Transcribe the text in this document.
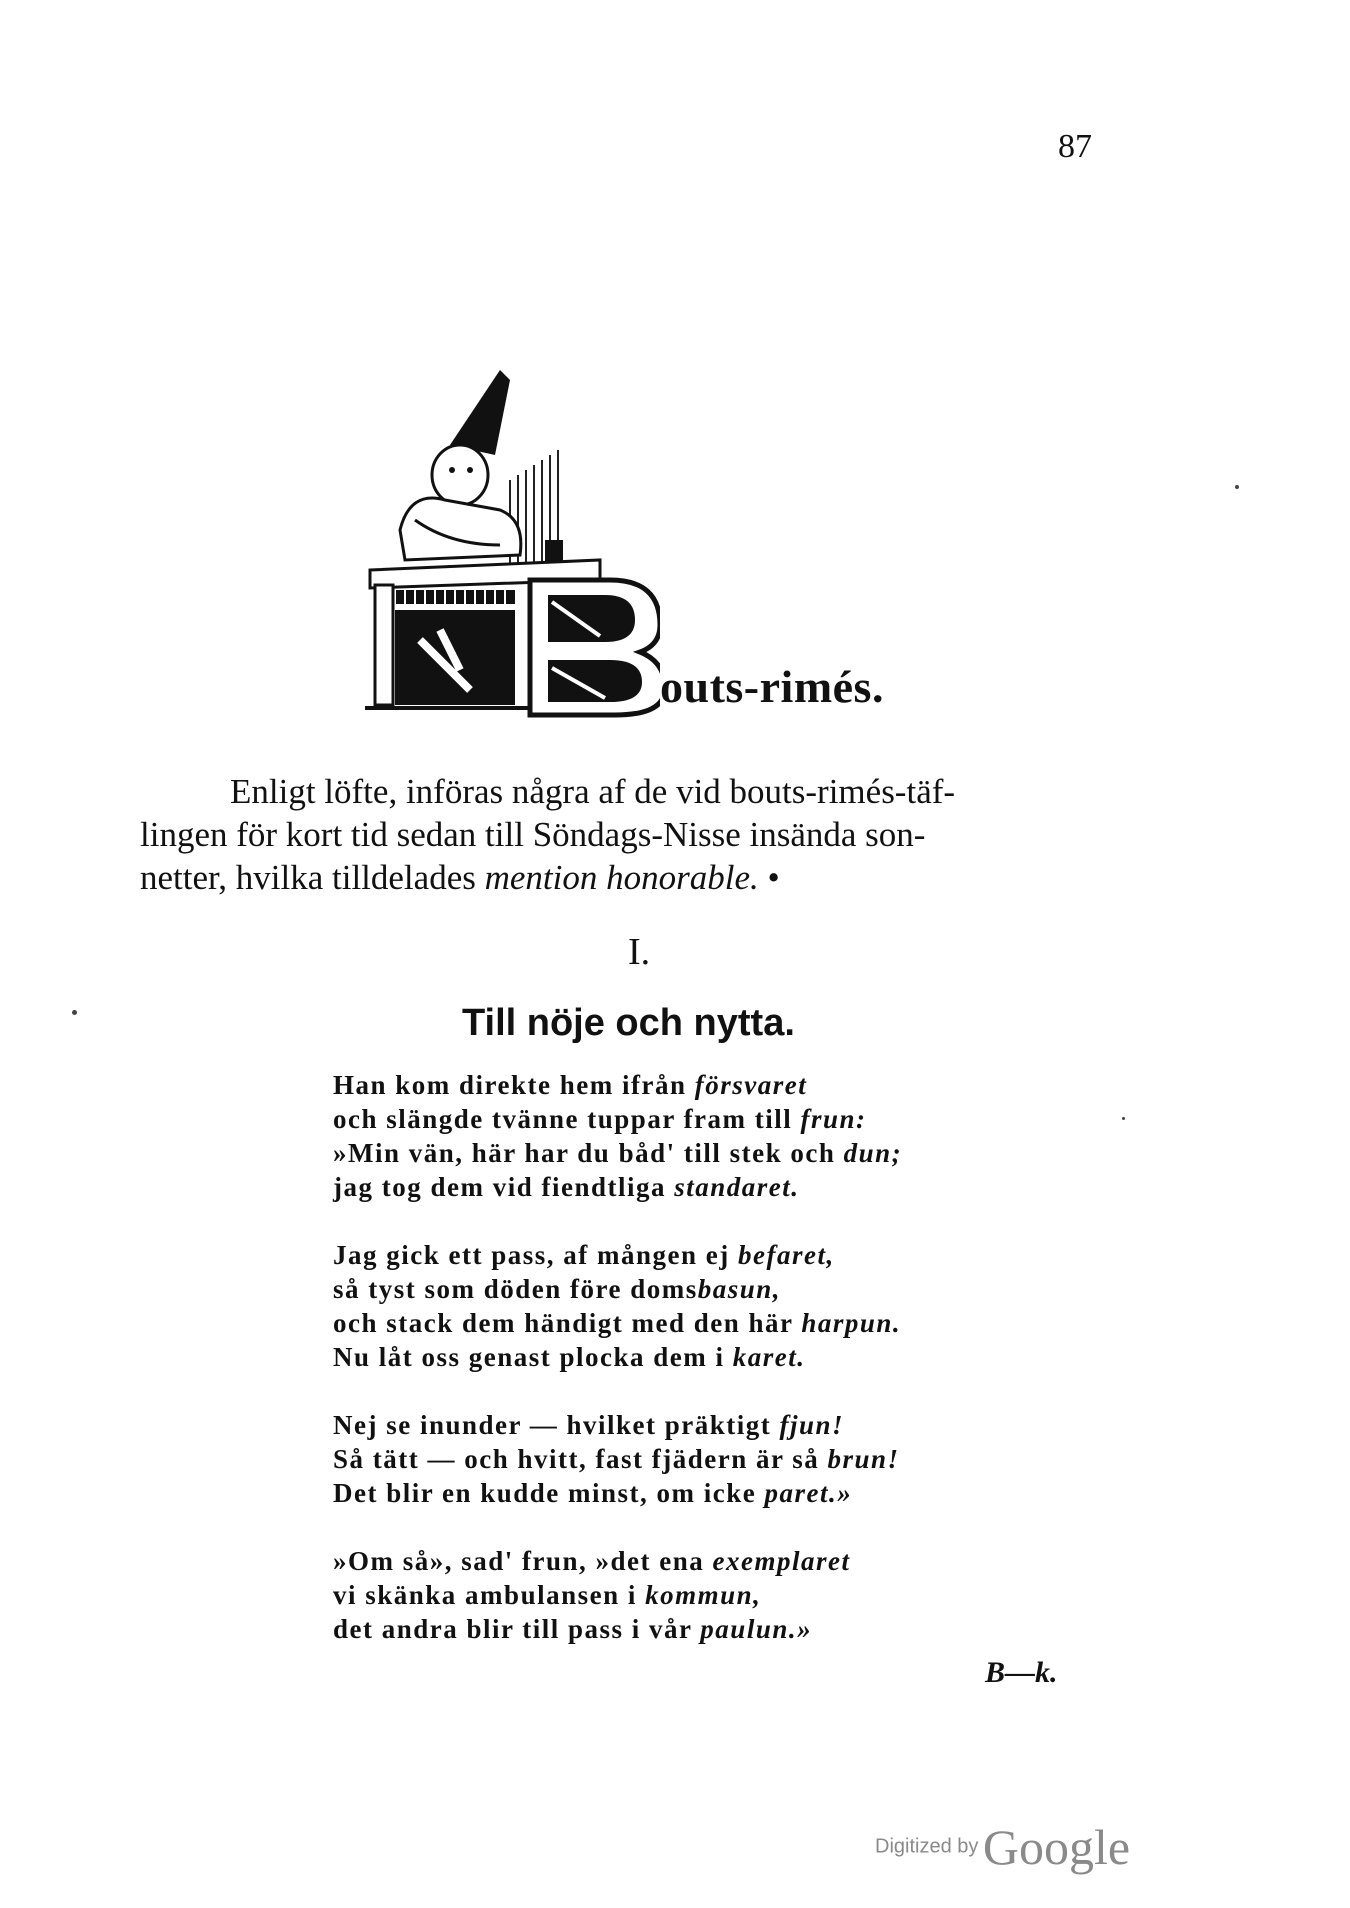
87
outs-rimés.
Enligt löfte, införas några af de vid bouts-rimés-täf-
lingen för kort tid sedan till Söndags-Nisse insända son-
netter, hvilka tilldelades mention honorable. •
I.
Till nöje och nytta.
Han kom direkte hem ifrån försvaret
och slängde tvänne tuppar fram till frun:
»Min vän, här har du båd' till stek och dun;
jag tog dem vid fiendtliga standaret.
Jag gick ett pass, af mången ej befaret,
så tyst som döden före domsbasun,
och stack dem händigt med den här harpun.
Nu låt oss genast plocka dem i karet.
Nej se inunder — hvilket präktigt fjun!
Så tätt — och hvitt, fast fjädern är så brun!
Det blir en kudde minst, om icke paret.»
»Om så», sad' frun, »det ena exemplaret
vi skänka ambulansen i kommun,
det andra blir till pass i vår paulun.»
B—k.
Digitized by Google
